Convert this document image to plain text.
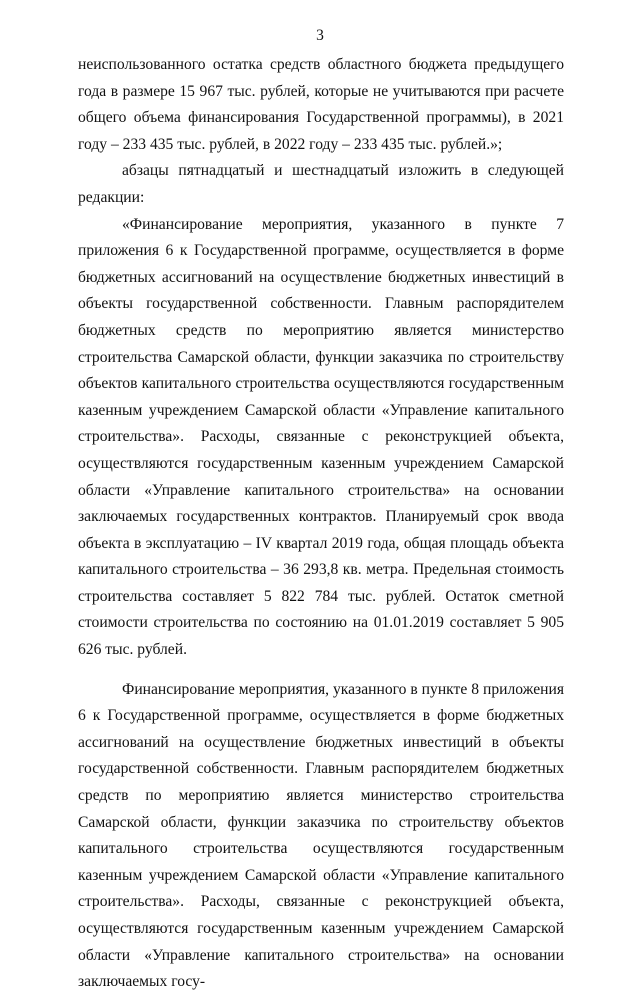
3

неиспользованного остатка средств областного бюджета предыдущего года в размере 15 967 тыс. рублей, которые не учитываются при расчете общего объема финансирования Государственной программы), в 2021 году – 233 435 тыс. рублей, в 2022 году – 233 435 тыс. рублей.»;

абзацы пятнадцатый и шестнадцатый изложить в следующей редакции:

«Финансирование мероприятия, указанного в пункте 7 приложения 6 к Государственной программе, осуществляется в форме бюджетных ассигнований на осуществление бюджетных инвестиций в объекты государственной собственности. Главным распорядителем бюджетных средств по мероприятию является министерство строительства Самарской области, функции заказчика по строительству объектов капитального строительства осуществляются государственным казенным учреждением Самарской области «Управление капитального строительства». Расходы, связанные с реконструкцией объекта, осуществляются государственным казенным учреждением Самарской области «Управление капитального строительства» на основании заключаемых государственных контрактов. Планируемый срок ввода объекта в эксплуатацию – IV квартал 2019 года, общая площадь объекта капитального строительства – 36 293,8 кв. метра. Предельная стоимость строительства составляет 5 822 784 тыс. рублей. Остаток сметной стоимости строительства по состоянию на 01.01.2019 составляет 5 905 626 тыс. рублей.

Финансирование мероприятия, указанного в пункте 8 приложения 6 к Государственной программе, осуществляется в форме бюджетных ассигнований на осуществление бюджетных инвестиций в объекты государственной собственности. Главным распорядителем бюджетных средств по мероприятию является министерство строительства Самарской области, функции заказчика по строительству объектов капитального строительства осуществляются государственным казенным учреждением Самарской области «Управление капитального строительства». Расходы, связанные с реконструкцией объекта, осуществляются государственным казенным учреждением Самарской области «Управление капитального строительства» на основании заключаемых госу-
